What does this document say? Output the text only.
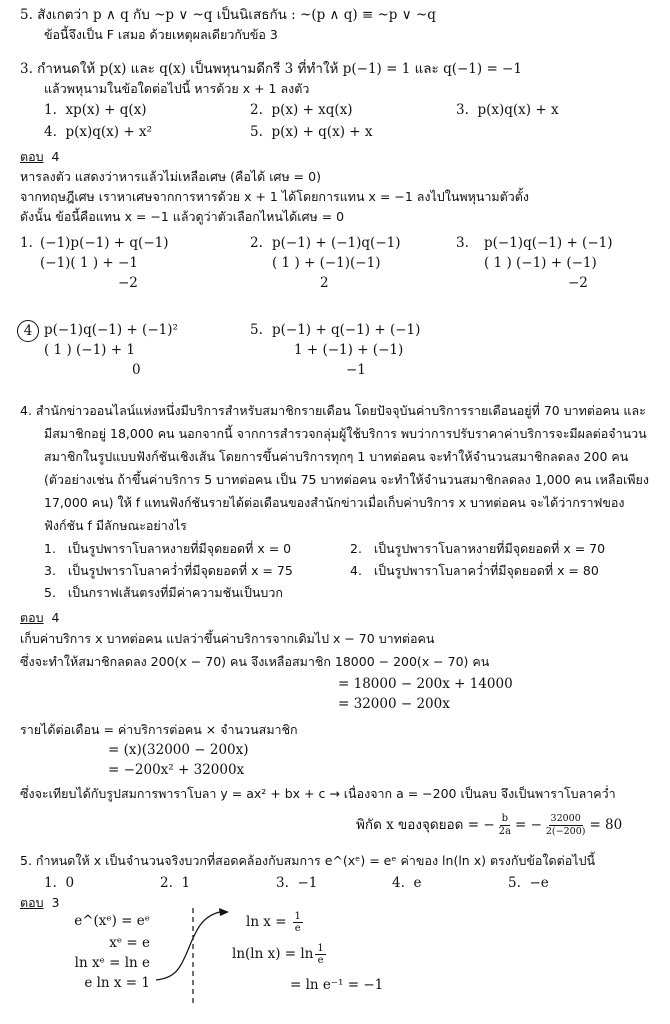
5. สังเกตว่า p ∧ q กับ ~p ∨ ~q เป็นนิเสธกัน : ~(p ∧ q) ≡ ~p ∨ ~q
ข้อนี้จึงเป็น F เสมอ ด้วยเหตุผลเดียวกับข้อ 3
3. กำหนดให้ p(x) และ q(x) เป็นพหุนามดีกรี 3 ที่ทำให้ p(−1) = 1 และ q(−1) = −1
แล้วพหุนามในข้อใดต่อไปนี้ หารด้วย x + 1 ลงตัว
1. xp(x) + q(x)	2. p(x) + xq(x)	3. p(x)q(x) + x
4. p(x)q(x) + x²	5. p(x) + q(x) + x
ตอบ 4
หารลงตัว แสดงว่าหารแล้วไม่เหลือเศษ (คือได้ เศษ = 0)
จากทฤษฎีเศษ เราหาเศษจากการหารด้วย x + 1 ได้โดยการแทน x = −1 ลงไปในพหุนามตัวตั้ง
ดังนั้น ข้อนี้คือแทน x = −1 แล้วดูว่าตัวเลือกไหนได้เศษ = 0
1. (−1)p(−1) + q(−1)
(−1)( 1 ) + −1
−2
2. p(−1) + (−1)q(−1)
( 1 ) + (−1)(−1)
2
3. p(−1)q(−1) + (−1)
( 1 ) (−1) + (−1)
−2
4 p(−1)q(−1) + (−1)²
( 1 ) (−1) + 1
0
5. p(−1) + q(−1) + (−1)
1 + (−1) + (−1)
−1
4. สำนักข่าวออนไลน์แห่งหนึ่งมีบริการสำหรับสมาชิกรายเดือน โดยปัจจุบันค่าบริการรายเดือนอยู่ที่ 70 บาทต่อคน และ
มีสมาชิกอยู่ 18,000 คน นอกจากนี้ จากการสำรวจกลุ่มผู้ใช้บริการ พบว่าการปรับราคาค่าบริการจะมีผลต่อจำนวน
สมาชิกในรูปแบบฟังก์ชันเชิงเส้น โดยการขึ้นค่าบริการทุกๆ 1 บาทต่อคน จะทำให้จำนวนสมาชิกลดลง 200 คน
(ตัวอย่างเช่น ถ้าขึ้นค่าบริการ 5 บาทต่อคน เป็น 75 บาทต่อคน จะทำให้จำนวนสมาชิกลดลง 1,000 คน เหลือเพียง
17,000 คน) ให้ f แทนฟังก์ชันรายได้ต่อเดือนของสำนักข่าวเมื่อเก็บค่าบริการ x บาทต่อคน จะได้ว่ากราฟของ
ฟังก์ชัน f มีลักษณะอย่างไร
1. เป็นรูปพาราโบลาหงายที่มีจุดยอดที่ x = 0	2. เป็นรูปพาราโบลาหงายที่มีจุดยอดที่ x = 70
3. เป็นรูปพาราโบลาคว่ำที่มีจุดยอดที่ x = 75	4. เป็นรูปพาราโบลาคว่ำที่มีจุดยอดที่ x = 80
5. เป็นกราฟเส้นตรงที่มีค่าความชันเป็นบวก
ตอบ 4
เก็บค่าบริการ x บาทต่อคน แปลว่าขึ้นค่าบริการจากเดิมไป x − 70 บาทต่อคน
ซึ่งจะทำให้สมาชิกลดลง 200(x − 70) คน จึงเหลือสมาชิก 18000 − 200(x − 70) คน
= 18000 − 200x + 14000
= 32000 − 200x
รายได้ต่อเดือน = ค่าบริการต่อคน × จำนวนสมาชิก
= (x)(32000 − 200x)
= −200x² + 32000x
ซึ่งจะเทียบได้กับรูปสมการพาราโบลา y = ax² + bx + c → เนื่องจาก a = −200 เป็นลบ จึงเป็นพาราโบลาคว่ำ
พิกัด x ของจุดยอด = − $\frac{b}{2a}$ = − $\frac{32000}{2(-200)} = 80$
5. กำหนดให้ x เป็นจำนวนจริงบวกที่สอดคล้องกับสมการ e^(xᵉ) = eᵉ ค่าของ ln(ln x) ตรงกับข้อใดต่อไปนี้
1. 0	2. 1	3. −1	4. e	5. −e
ตอบ 3
e^(xᵉ) = eᵉ
xᵉ = e
ln xᵉ = ln e
e ln x = 1
$\ln x = \frac{1}{e}$
ln(ln x) = ln 1
e
= ln e⁻¹ = −1
